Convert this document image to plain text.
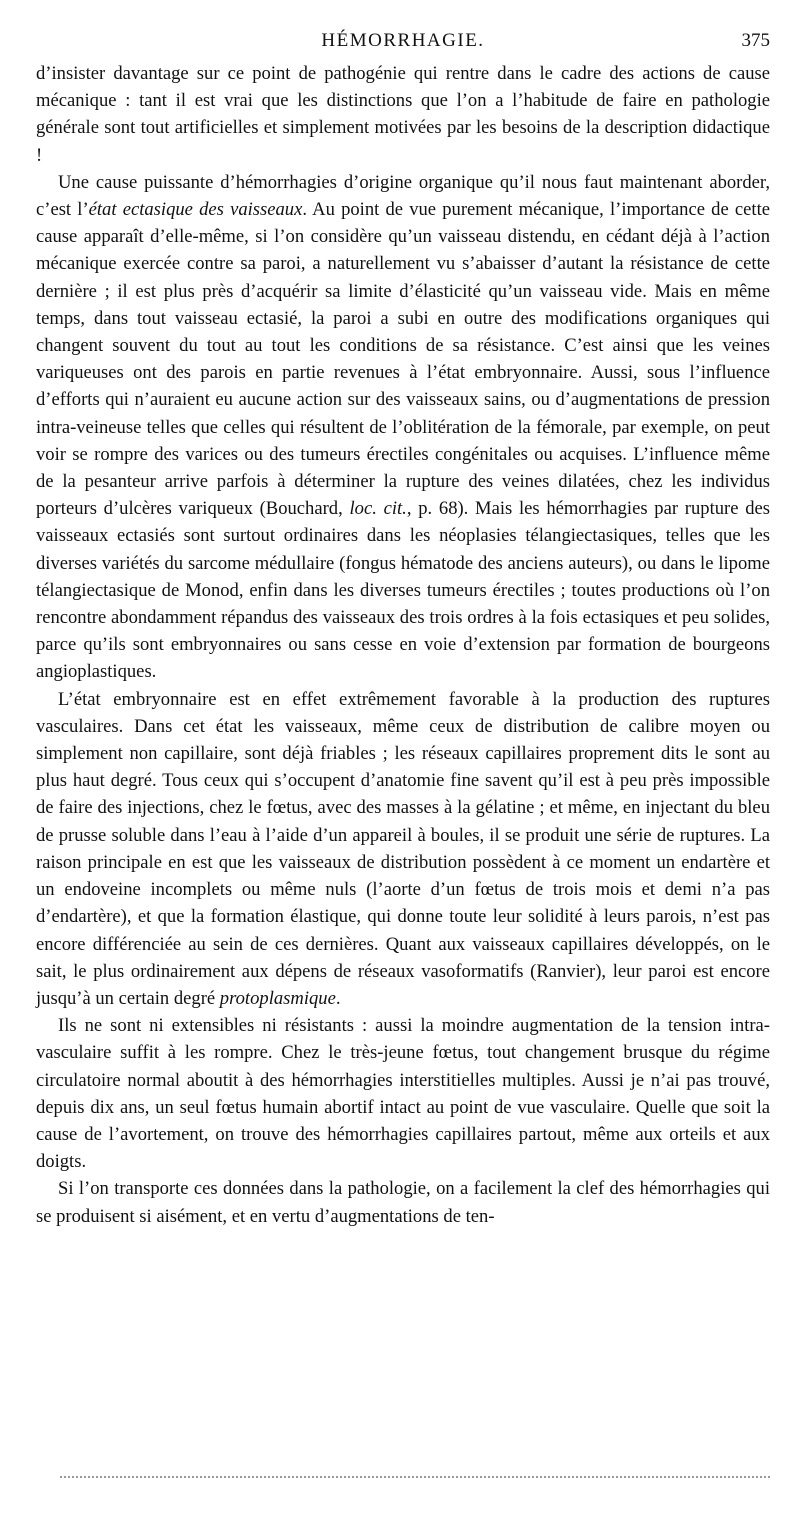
HÉMORRHAGIE.	375

d’insister davantage sur ce point de pathogénie qui rentre dans le cadre des actions de cause mécanique : tant il est vrai que les distinctions que l’on a l’habitude de faire en pathologie générale sont tout artificielles et simplement motivées par les besoins de la description didactique !

Une cause puissante d’hémorrhagies d’origine organique qu’il nous faut maintenant aborder, c’est l’état ectasique des vaisseaux. Au point de vue purement mécanique, l’importance de cette cause apparaît d’elle-même, si l’on considère qu’un vaisseau distendu, en cédant déjà à l’action mécanique exercée contre sa paroi, a naturellement vu s’abaisser d’autant la résistance de cette dernière ; il est plus près d’acquérir sa limite d’élasticité qu’un vaisseau vide. Mais en même temps, dans tout vaisseau ectasié, la paroi a subi en outre des modifications organiques qui changent souvent du tout au tout les conditions de sa résistance. C’est ainsi que les veines variqueuses ont des parois en partie revenues à l’état embryonnaire. Aussi, sous l’influence d’efforts qui n’auraient eu aucune action sur des vaisseaux sains, ou d’augmentations de pression intra-veineuse telles que celles qui résultent de l’oblitération de la fémorale, par exemple, on peut voir se rompre des varices ou des tumeurs érectiles congénitales ou acquises. L’influence même de la pesanteur arrive parfois à déterminer la rupture des veines dilatées, chez les individus porteurs d’ulcères variqueux (Bouchard, loc. cit., p. 68). Mais les hémorrhagies par rupture des vaisseaux ectasiés sont surtout ordinaires dans les néoplasies télangiectasiques, telles que les diverses variétés du sarcome médullaire (fongus hématode des anciens auteurs), ou dans le lipome télangiectasique de Monod, enfin dans les diverses tumeurs érectiles ; toutes productions où l’on rencontre abondamment répandus des vaisseaux des trois ordres à la fois ectasiques et peu solides, parce qu’ils sont embryonnaires ou sans cesse en voie d’extension par formation de bourgeons angioplastiques.

L’état embryonnaire est en effet extrêmement favorable à la production des ruptures vasculaires. Dans cet état les vaisseaux, même ceux de distribution de calibre moyen ou simplement non capillaire, sont déjà friables ; les réseaux capillaires proprement dits le sont au plus haut degré. Tous ceux qui s’occupent d’anatomie fine savent qu’il est à peu près impossible de faire des injections, chez le fœtus, avec des masses à la gélatine ; et même, en injectant du bleu de prusse soluble dans l’eau à l’aide d’un appareil à boules, il se produit une série de ruptures. La raison principale en est que les vaisseaux de distribution possèdent à ce moment un endartère et un endoveine incomplets ou même nuls (l’aorte d’un fœtus de trois mois et demi n’a pas d’endartère), et que la formation élastique, qui donne toute leur solidité à leurs parois, n’est pas encore différenciée au sein de ces dernières. Quant aux vaisseaux capillaires développés, on le sait, le plus ordinairement aux dépens de réseaux vasoformatifs (Ranvier), leur paroi est encore jusqu’à un certain degré protoplasmique.

Ils ne sont ni extensibles ni résistants : aussi la moindre augmentation de la tension intra-vasculaire suffit à les rompre. Chez le très-jeune fœtus, tout changement brusque du régime circulatoire normal aboutit à des hémorrhagies interstitielles multiples. Aussi je n’ai pas trouvé, depuis dix ans, un seul fœtus humain abortif intact au point de vue vasculaire. Quelle que soit la cause de l’avortement, on trouve des hémorrhagies capillaires partout, même aux orteils et aux doigts.

Si l’on transporte ces données dans la pathologie, on a facilement la clef des hémorrhagies qui se produisent si aisément, et en vertu d’augmentations de ten-
